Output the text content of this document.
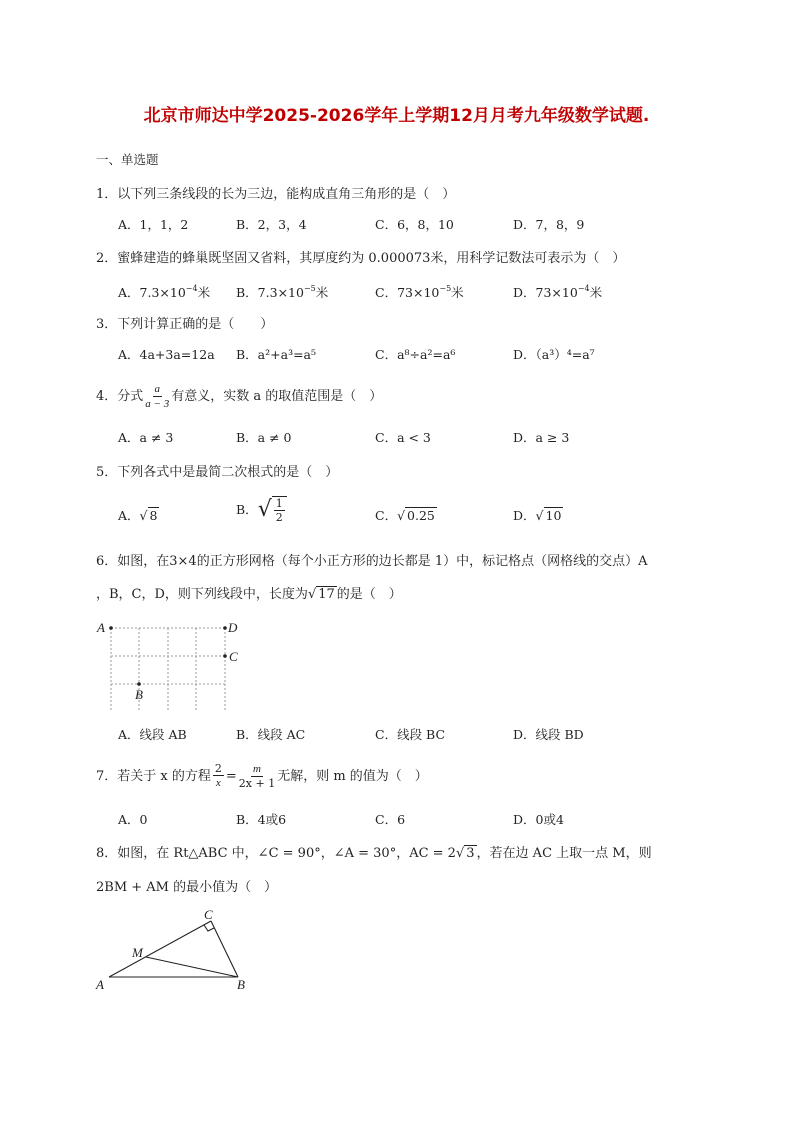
北京市师达中学2025-2026学年上学期12月月考九年级数学试题.
一、单选题
1．以下列三条线段的长为三边，能构成直角三角形的是（　）
A．1，1，2	B．2，3，4	C．6，8，10	D．7，8，9
2．蜜蜂建造的蜂巢既坚固又省料，其厚度约为 0.000073米，用科学记数法可表示为（　）
A．$7.3\times 10^{-4}$米 B．$7.3\times 10^{-5}$米	C．$73\times 10^{-5}$米	D．$73\times 10^{-4}$米
3．下列计算正确的是（　　）
A．4a+3a=12a B．a²+a³=a⁵	C．a⁸÷a²=a⁶	D．（a³）⁴=a⁷
4．分式 $\frac{a}{a - 3}$ 有意义，实数 a 的取值范围是（　）
A．a ≠ 3	B．a ≠ 0	C．a < 3	D．a ≥ 3
5．下列各式中是最简二次根式的是（　）
A．√ 8	B． √ $\frac{1}{2}$	C．√ 0.25	D．√ 10
6．如图，在3×4的正方形网格（每个小正方形的边长都是 1）中，标记格点（网格线的交点）A
，B，C，D，则下列线段中，长度为√ 17 的是（　）
A	D
C
B
A．线段 AB	B．线段 AC	C．线段 BC	D．线段 BD
7．若关于 x 的方程 $\frac{2}{x} = \frac{m}{2x + 1}$ 无解，则 m 的值为（　）
A．0	B．4或6	C．6	D．0或4
8．如图，在 Rt△ABC 中，∠C = 90°，∠A = 30°，AC = 2√ 3 ，若在边 AC 上取一点 M，则
2BM + AM 的最小值为（　）
A	B
C
M
